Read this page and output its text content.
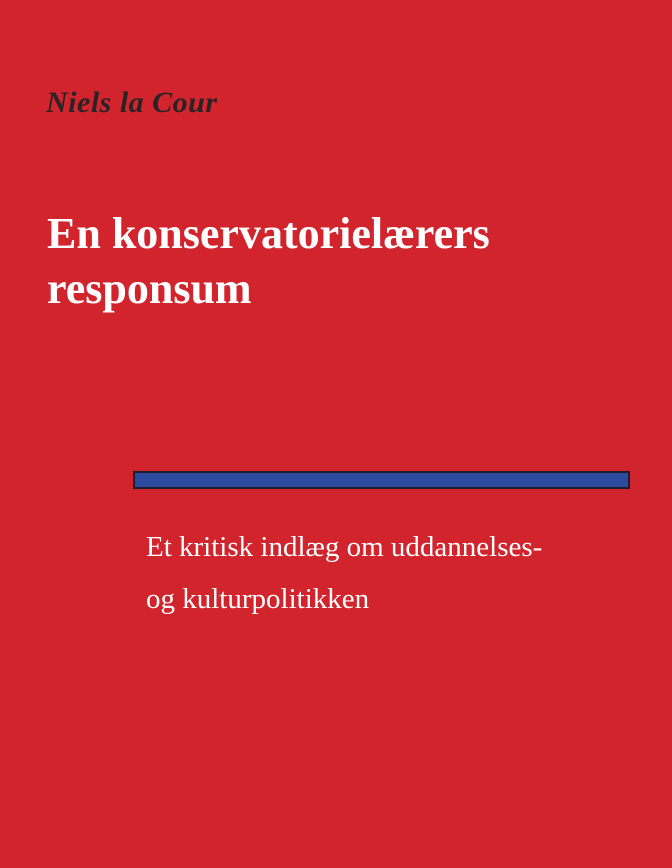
Niels la Cour
En konservatorielærers responsum
Et kritisk indlæg om uddannelses-
og kulturpolitikken
